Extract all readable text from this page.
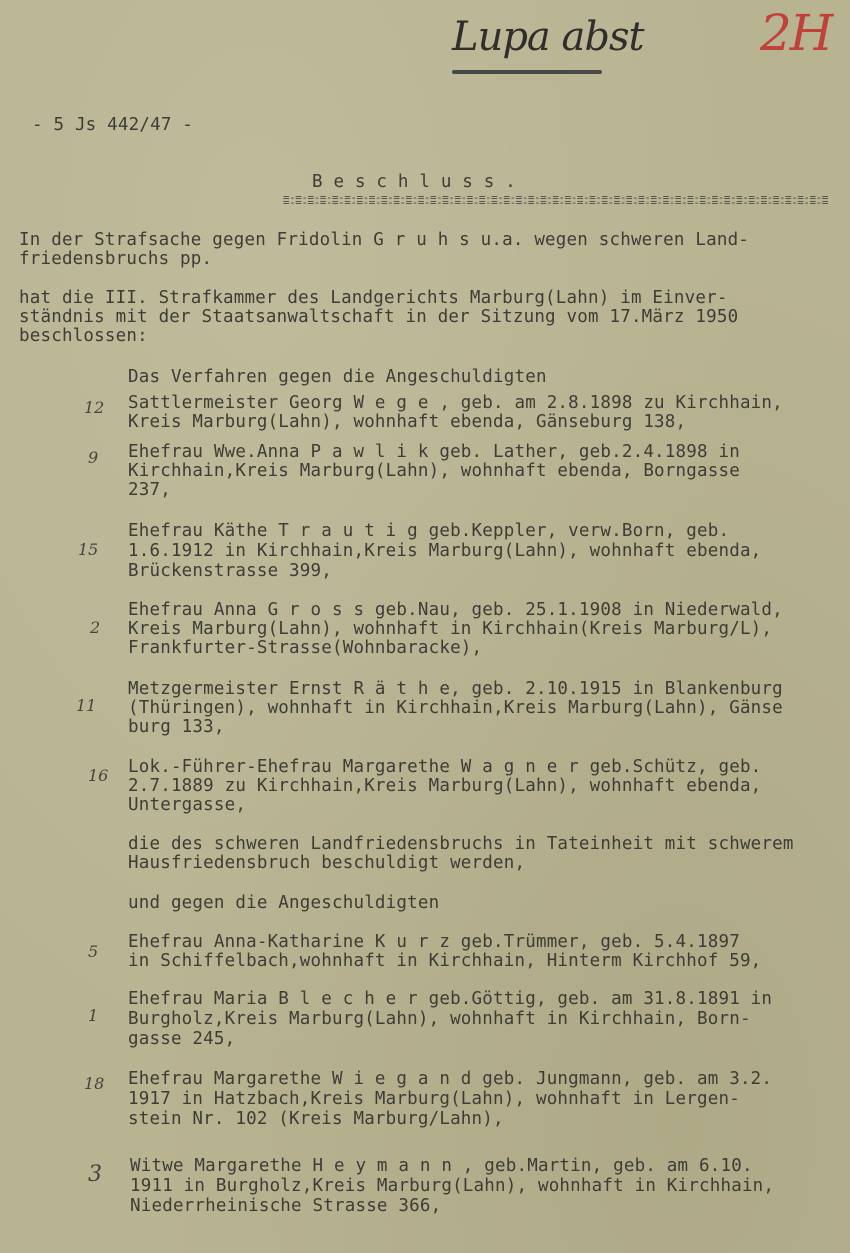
Lupa abst 2H
- 5 Js 442/47 -
B e s c h l u s s .
=-=-=-=-=-=-=-=-=-=-=-=-=-=-=-=-=-=-=-=-=-=-=-=-=-=-=-=-=-=-=-=-=-=-=-=-=-=-=-=-=-=-=-=-=
=-=-=-=-=-=-=-=-=-=-=-=-=-=-=-=-=-=-=-=-=-=-=-=-=-=-=-=-=-=-=-=-=-=-=-=-=-=-=-=-=-=-=-=-=
In der Strafsache gegen Fridolin G r u h s u.a. wegen schweren Land-
friedensbruchs pp.
hat die III. Strafkammer des Landgerichts Marburg(Lahn) im Einver-
ständnis mit der Staatsanwaltschaft in der Sitzung vom 17.März 1950
beschlossen:
Das Verfahren gegen die Angeschuldigten
12 Sattlermeister Georg W e g e , geb. am 2.8.1898 zu Kirchhain,
Kreis Marburg(Lahn), wohnhaft ebenda, Gänseburg 138,
9 Ehefrau Wwe.Anna P a w l i k geb. Lather, geb.2.4.1898 in
Kirchhain,Kreis Marburg(Lahn), wohnhaft ebenda, Borngasse
237,
15
Ehefrau Käthe T r a u t i g geb.Keppler, verw.Born, geb.
1.6.1912 in Kirchhain,Kreis Marburg(Lahn), wohnhaft ebenda,
Brückenstrasse 399,
2
Ehefrau Anna G r o s s geb.Nau, geb. 25.1.1908 in Niederwald,
Kreis Marburg(Lahn), wohnhaft in Kirchhain(Kreis Marburg/L),
Frankfurter-Strasse(Wohnbaracke),
11
Metzgermeister Ernst R ä t h e, geb. 2.10.1915 in Blankenburg
(Thüringen), wohnhaft in Kirchhain,Kreis Marburg(Lahn), Gänse
burg 133,
16 Lok.-Führer-Ehefrau Margarethe W a g n e r geb.Schütz, geb.
2.7.1889 zu Kirchhain,Kreis Marburg(Lahn), wohnhaft ebenda,
Untergasse,
die des schweren Landfriedensbruchs in Tateinheit mit schwerem
Hausfriedensbruch beschuldigt werden,
und gegen die Angeschuldigten
5 Ehefrau Anna-Katharine K u r z geb.Trümmer, geb. 5.4.1897
in Schiffelbach,wohnhaft in Kirchhain, Hinterm Kirchhof 59,
1
Ehefrau Maria B l e c h e r geb.Göttig, geb. am 31.8.1891 in
Burgholz,Kreis Marburg(Lahn), wohnhaft in Kirchhain, Born-
gasse 245,
18 Ehefrau Margarethe W i e g a n d geb. Jungmann, geb. am 3.2.
1917 in Hatzbach,Kreis Marburg(Lahn), wohnhaft in Lergen-
stein Nr. 102 (Kreis Marburg/Lahn),
3 Witwe Margarethe H e y m a n n , geb.Martin, geb. am 6.10.
1911 in Burgholz,Kreis Marburg(Lahn), wohnhaft in Kirchhain,
Niederrheinische Strasse 366,
